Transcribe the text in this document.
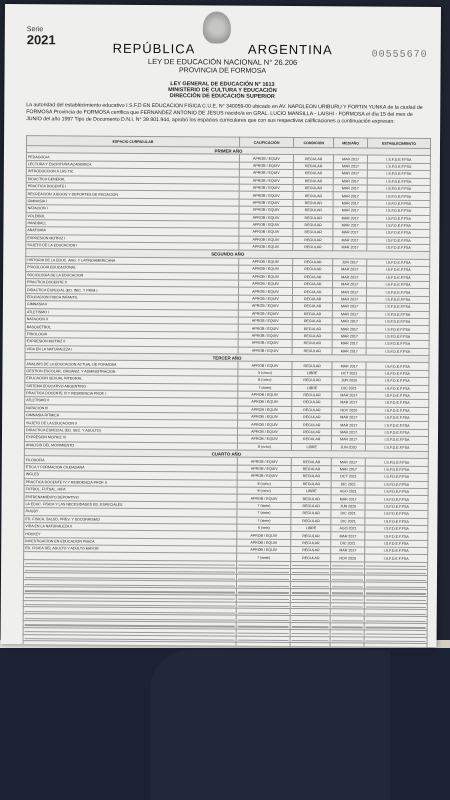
Serie
2021
REPÚBLICA	ARGENTINA	00555670
LEY DE EDUCACIÓN NACIONAL N° 26.206
PROVINCIA DE FORMOSA
LEY GENERAL DE EDUCACIÓN N° 1613
MINISTERIO DE CULTURA Y EDUCACIÓN
DIRECCIÓN DE EDUCACIÓN SUPERIOR
La autoridad del establecimiento educativo I.S.F.D EN EDUCACION FISICA C.U.E. N° 340059-00 ubicado en AV. NAPOLEON URIBURU Y FORTIN YUNKA de la ciudad de FORMOSA Provincia de FORMOSA certifica que FERNANDEZ ANTONIO DE JESUS nacido/a en GRAL. LUCIO MANSILLA - LAISHI - FORMOSA el día 15 del mes de JUNIO del año 1997 Tipo de Documento D.N.I. N° 39.901.944, aprobó los espacios curriculares que con sus respectivas calificaciones a continuación expresan:
ESPACIO CURRICULAR	CALIFICACIÓN	CONDICIÓN	MES/AÑO	ESTABLECIMIENTO
PRIMER AÑO				
PEDAGOGIA	APROB / EQUIV	REGULAR	MAR 2017	I.S.F.D.E.F.FSA
LECTURA Y ESCRITURA ACADEMICA	APROB / EQUIV	REGULAR	MAR 2017	I.S.F.D.E.F.FSA
INTRODUCCION A LAS TIC	APROB / EQUIV	REGULAR	MAR 2017	I.S.F.D.E.F.FSA
DIDACTICA GENERAL	APROB / EQUIV	REGULAR	MAR 2017	I.S.F.D.E.F.FSA
PRACTICA DOCENTE I	APROB / EQUIV	REGULAR	MAR 2017	I.S.F.D.E.F.FSA
RECREACION JUEGOS Y DEPORTES DE INICIACION	APROB / EQUIV	REGULAR	MAR 2017	I.S.F.D.E.F.FSA
GIMNASIA I	APROB / EQUIV	REGULAR	MAR 2017	I.S.F.D.E.F.FSA
NATACION I	APROB / EQUIV	REGULAR	MAR 2017	I.S.F.D.E.F.FSA
VOLEIBOL	APROB / EQUIV	REGULAR	MAR 2017	I.S.F.D.E.F.FSA
HANDBALL	APROB / EQUIV	REGULAR	MAR 2017	I.S.F.D.E.F.FSA
ANATOMIA	APROB / EQUIV	REGULAR	MAR 2017	I.S.F.D.E.F.FSA
EXPRESION MOTRIZ I	APROB / EQUIV	REGULAR	MAR 2017	I.S.F.D.E.F.FSA
SUJETO DE LA EDUCACION I	APROB / EQUIV	REGULAR	MAR 2017	I.S.F.D.E.F.FSA
SEGUNDO AÑO				
HISTORIA DE LA EDUC. ARG. Y LATINOAMERICANA	APROB / EQUIV	REGULAR	JUN 2017	I.S.F.D.E.F.FSA
PSICOLOGIA EDUCACIONAL	APROB / EQUIV	REGULAR	MAR 2017	I.S.F.D.E.F.FSA
SOCIOLOGIA DE LA EDUCACION	APROB / EQUIV	REGULAR	MAR 2017	I.S.F.D.E.F.FSA
PRACTICA DOCENTE II	APROB / EQUIV	REGULAR	MAR 2017	I.S.F.D.E.F.FSA
DIDACTICA ESPECIAL (ED. INIC. Y PRIM.)	APROB / EQUIV	REGULAR	MAR 2017	I.S.F.D.E.F.FSA
EDUCACION FISICA INFANTIL	APROB / EQUIV	REGULAR	MAR 2017	I.S.F.D.E.F.FSA
GIMNASIA II	APROB / EQUIV	REGULAR	MAR 2017	I.S.F.D.E.F.FSA
ATLETISMO I	APROB / EQUIV	REGULAR	MAR 2017	I.S.F.D.E.F.FSA
NATACION II	APROB / EQUIV	REGULAR	MAR 2017	I.S.F.D.E.F.FSA
BASQUETBOL	APROB / EQUIV	REGULAR	MAR 2017	I.S.F.D.E.F.FSA
FISIOLOGIA	APROB / EQUIV	REGULAR	MAR 2017	I.S.F.D.E.F.FSA
EXPRESION MOTRIZ II	APROB / EQUIV	REGULAR	MAR 2017	I.S.F.D.E.F.FSA
VIDA EN LA NATURALEZA I	APROB / EQUIV	REGULAR	MAR 2017	I.S.F.D.E.F.FSA
TERCER AÑO				
ANALISIS DE LA EDUCACION ACTUAL DE FORMOSA	APROB / EQUIV	REGULAR	MAR 2017	I.S.F.D.E.F.FSA
GESTION ESCOLAR, ORGANIZ. Y ADMINISTRACION	5 (cinco)	LIBRE	OCT 2021	I.S.F.D.E.F.FSA
EDUCACION SEXUAL INTEGRAL	8 (ocho)	REGULAR	JUN 2020	I.S.F.D.E.F.FSA
SISTEMA EDUCATIVO ARGENTINO	7 (siete)	LIBRE	DIC 2021	I.S.F.D.E.F.FSA
PRACTICA DOCENTE III Y RESIDENCIA PROF. I	APROB / EQUIV	REGULAR	MAR 2017	I.S.F.D.E.F.FSA
ATLETISMO II	APROB / EQUIV	REGULAR	MAR 2017	I.S.F.D.E.F.FSA
NATACION III	APROB / EQUIV	REGULAR	NOV 2020	I.S.F.D.E.F.FSA
GIMNASIA RITMICA	APROB / EQUIV	REGULAR	MAR 2017	I.S.F.D.E.F.FSA
SUJETO DE LA EDUCACION II	APROB / EQUIV	REGULAR	MAR 2017	I.S.F.D.E.F.FSA
DIDACTICA ESPECIAL (ED. SEC. Y ADULTO)	APROB / EQUIV	REGULAR	MAR 2017	I.S.F.D.E.F.FSA
EXPRESION MOTRIZ III	APROB / EQUIV	REGULAR	MAR 2017	I.S.F.D.E.F.FSA
ANALISIS DEL MOVIMIENTO	8 (ocho)	LIBRE	JUN 2020	I.S.F.D.E.F.FSA
CUARTO AÑO				
FILOSOFIA	APROB / EQUIV	REGULAR	MAR 2017	I.S.F.D.E.F.FSA
ETICA Y FORMACION CIUDADANA	APROB / EQUIV	REGULAR	MAR 2017	I.S.F.D.E.F.FSA
INGLES	APROB / EQUIV	REGULAR	OCT 2021	I.S.F.D.E.F.FSA
PRACTICA DOCENTE IV Y RESIDENCIA PROF. II	8 (ocho)	REGULAR	DIC 2021	I.S.F.D.E.F.FSA
FUTBOL, FUTSAL, HIFA	8 (ocho)	LIBRE	AGO 2021	I.S.F.D.E.F.FSA
ENTRENAMIENTO DEPORTIVO	APROB / EQUIV	REGULAR	MAR 2017	I.S.F.D.E.F.FSA
LA EDUC. FISICA Y LAS NECESIDADES ED. ESPECIALES	7 (siete)	REGULAR	JUN 2020	I.S.F.D.E.F.FSA
RUGBY	7 (siete)	REGULAR	DIC 2021	I.S.F.D.E.F.FSA
ED. FISICA, SALUD, PREV. Y SOCORRISMO	7 (siete)	REGULAR	DIC 2021	I.S.F.D.E.F.FSA
VIDA EN LA NATURALEZA II	6 (seis)	LIBRE	AGO 2021	I.S.F.D.E.F.FSA
HOCKEY	APROB / EQUIV	REGULAR	MAR 2017	I.S.F.D.E.F.FSA
INVESTIGACION EN EDUCACION FISICA	APROB / EQUIV	REGULAR	DIC 2021	I.S.F.D.E.F.FSA
ED. FISICA DEL ADULTO Y ADULTO MAYOR	APROB / EQUIV	REGULAR	MAR 2017	I.S.F.D.E.F.FSA
	7 (siete)	REGULAR	NOV 2020	I.S.F.D.E.F.FSA
